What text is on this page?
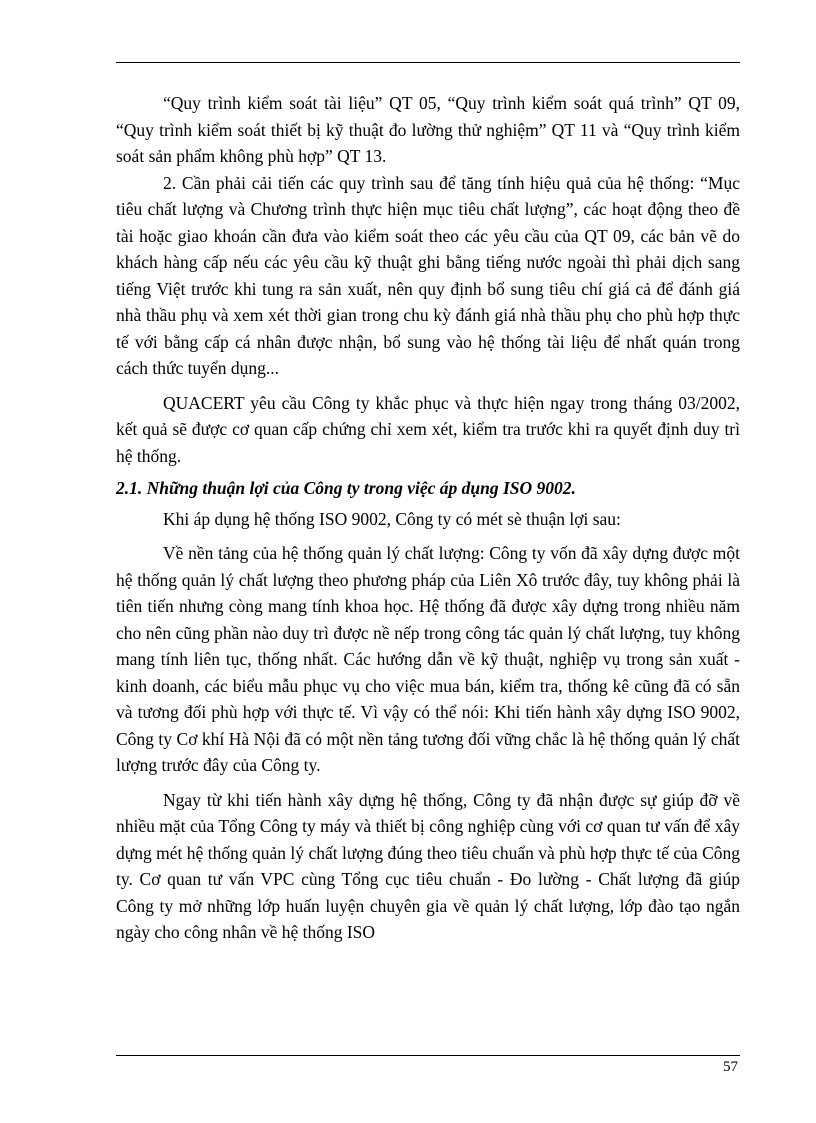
“Quy trình kiểm soát tài liệu” QT 05, “Quy trình kiểm soát quá trình” QT 09, “Quy trình kiểm soát thiết bị kỹ thuật đo lường thử nghiệm” QT 11 và “Quy trình kiểm soát sản phẩm không phù hợp” QT 13.

2. Cần phải cải tiến các quy trình sau để tăng tính hiệu quả của hệ thống: “Mục tiêu chất lượng và Chương trình thực hiện mục tiêu chất lượng”, các hoạt động theo đề tài hoặc giao khoán cần đưa vào kiểm soát theo các yêu cầu của QT 09, các bản vẽ do khách hàng cấp nếu các yêu cầu kỹ thuật ghi bằng tiếng nước ngoài thì phải dịch sang tiếng Việt trước khi tung ra sản xuất, nên quy định bổ sung tiêu chí giá cả để đánh giá nhà thầu phụ và xem xét thời gian trong chu kỳ đánh giá nhà thầu phụ cho phù hợp thực tế với bằng cấp cá nhân được nhận, bổ sung vào hệ thống tài liệu để nhất quán trong cách thức tuyển dụng...

QUACERT yêu cầu Công ty khắc phục và thực hiện ngay trong tháng 03/2002, kết quả sẽ được cơ quan cấp chứng chỉ xem xét, kiểm tra trước khi ra quyết định duy trì hệ thống.

2.1. Những thuận lợi của Công ty trong việc áp dụng ISO 9002.

Khi áp dụng hệ thống ISO 9002, Công ty có mét sè thuận lợi sau:

Về nền tảng của hệ thống quản lý chất lượng: Công ty vốn đã xây dựng được một hệ thống quản lý chất lượng theo phương pháp của Liên Xô trước đây, tuy không phải là tiên tiến nhưng còng mang tính khoa học. Hệ thống đã được xây dựng trong nhiều năm cho nên cũng phần nào duy trì được nề nếp trong công tác quản lý chất lượng, tuy không mang tính liên tục, thống nhất. Các hướng dẫn về kỹ thuật, nghiệp vụ trong sản xuất - kinh doanh, các biểu mẫu phục vụ cho việc mua bán, kiểm tra, thống kê cũng đã có sẵn và tương đối phù hợp với thực tế. Vì vậy có thể nói: Khi tiến hành xây dựng ISO 9002, Công ty Cơ khí Hà Nội đã có một nền tảng tương đối vững chắc là hệ thống quản lý chất lượng trước đây của Công ty.

Ngay từ khi tiến hành xây dựng hệ thống, Công ty đã nhận được sự giúp đỡ về nhiều mặt của Tổng Công ty máy và thiết bị công nghiệp cùng với cơ quan tư vấn để xây dựng mét hệ thống quản lý chất lượng đúng theo tiêu chuẩn và phù hợp thực tế của Công ty. Cơ quan tư vấn VPC cùng Tổng cục tiêu chuẩn - Đo lường - Chất lượng đã giúp Công ty mở những lớp huấn luyện chuyên gia về quản lý chất lượng, lớp đào tạo ngắn ngày cho công nhân về hệ thống ISO

57
